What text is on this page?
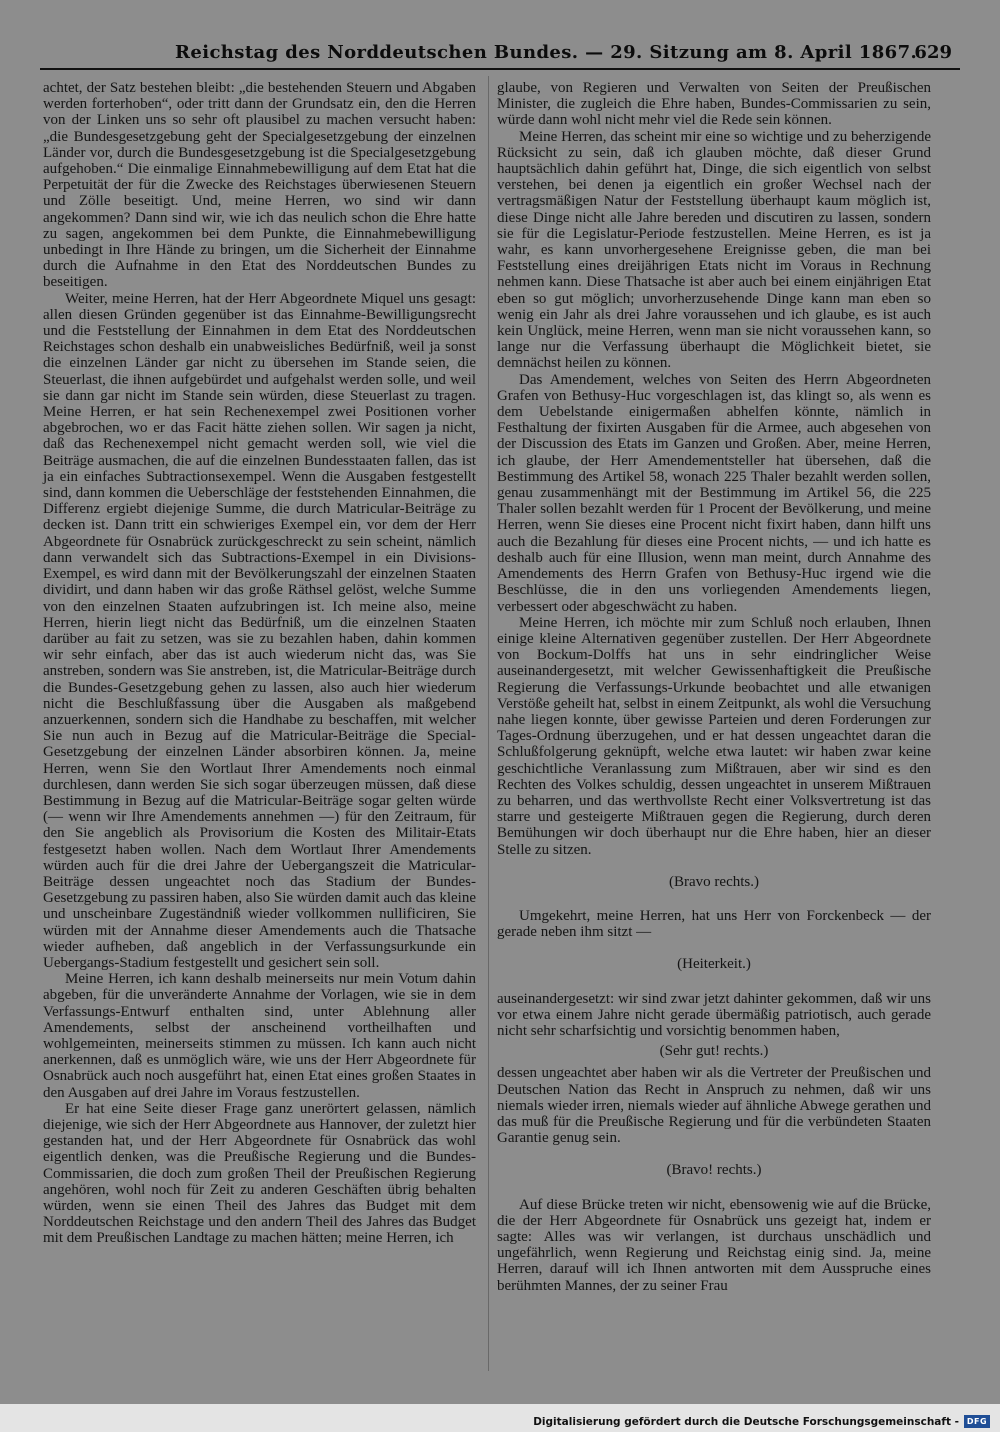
Reichstag des Norddeutschen Bundes. — 29. Sitzung am 8. April 1867.
629

achtet, der Satz bestehen bleibt: „die bestehenden Steuern und Abgaben werden forterhoben“, oder tritt dann der Grundsatz ein, den die Herren von der Linken uns so sehr oft plausibel zu machen versucht haben: „die Bundesgesetzgebung geht der Specialgesetzgebung der einzelnen Länder vor, durch die Bundesgesetzgebung ist die Specialgesetzgebung aufgehoben.“ Die einmalige Einnahmebewilligung auf dem Etat hat die Perpetuität der für die Zwecke des Reichstages überwiesenen Steuern und Zölle beseitigt. Und, meine Herren, wo sind wir dann angekommen? Dann sind wir, wie ich das neulich schon die Ehre hatte zu sagen, angekommen bei dem Punkte, die Einnahmebewilligung unbedingt in Ihre Hände zu bringen, um die Sicherheit der Einnahme durch die Aufnahme in den Etat des Norddeutschen Bundes zu beseitigen.

Weiter, meine Herren, hat der Herr Abgeordnete Miquel uns gesagt: allen diesen Gründen gegenüber ist das Einnahme-Bewilligungsrecht und die Feststellung der Einnahmen in dem Etat des Norddeutschen Reichstages schon deshalb ein unabweisliches Bedürfniß, weil ja sonst die einzelnen Länder gar nicht zu übersehen im Stande seien, die Steuerlast, die ihnen aufgebürdet und aufgehalst werden solle, und weil sie dann gar nicht im Stande sein würden, diese Steuerlast zu tragen. Meine Herren, er hat sein Rechenexempel zwei Positionen vorher abgebrochen, wo er das Facit hätte ziehen sollen. Wir sagen ja nicht, daß das Rechenexempel nicht gemacht werden soll, wie viel die Beiträge ausmachen, die auf die einzelnen Bundesstaaten fallen, das ist ja ein einfaches Subtractionsexempel. Wenn die Ausgaben festgestellt sind, dann kommen die Ueberschläge der feststehenden Einnahmen, die Differenz ergiebt diejenige Summe, die durch Matricular-Beiträge zu decken ist. Dann tritt ein schwieriges Exempel ein, vor dem der Herr Abgeordnete für Osnabrück zurückgeschreckt zu sein scheint, nämlich dann verwandelt sich das Subtractions-Exempel in ein Divisions-Exempel, es wird dann mit der Bevölkerungszahl der einzelnen Staaten dividirt, und dann haben wir das große Räthsel gelöst, welche Summe von den einzelnen Staaten aufzubringen ist. Ich meine also, meine Herren, hierin liegt nicht das Bedürfniß, um die einzelnen Staaten darüber au fait zu setzen, was sie zu bezahlen haben, dahin kommen wir sehr einfach, aber das ist auch wiederum nicht das, was Sie anstreben, sondern was Sie anstreben, ist, die Matricular-Beiträge durch die Bundes-Gesetzgebung gehen zu lassen, also auch hier wiederum nicht die Beschlußfassung über die Ausgaben als maßgebend anzuerkennen, sondern sich die Handhabe zu beschaffen, mit welcher Sie nun auch in Bezug auf die Matricular-Beiträge die Special-Gesetzgebung der einzelnen Länder absorbiren können. Ja, meine Herren, wenn Sie den Wortlaut Ihrer Amendements noch einmal durchlesen, dann werden Sie sich sogar überzeugen müssen, daß diese Bestimmung in Bezug auf die Matricular-Beiträge sogar gelten würde (— wenn wir Ihre Amendements annehmen —) für den Zeitraum, für den Sie angeblich als Provisorium die Kosten des Militair-Etats festgesetzt haben wollen. Nach dem Wortlaut Ihrer Amendements würden auch für die drei Jahre der Uebergangszeit die Matricular-Beiträge dessen ungeachtet noch das Stadium der Bundes-Gesetzgebung zu passiren haben, also Sie würden damit auch das kleine und unscheinbare Zugeständniß wieder vollkommen nullificiren, Sie würden mit der Annahme dieser Amendements auch die Thatsache wieder aufheben, daß angeblich in der Verfassungsurkunde ein Uebergangs-Stadium festgestellt und gesichert sein soll.

Meine Herren, ich kann deshalb meinerseits nur mein Votum dahin abgeben, für die unveränderte Annahme der Vorlagen, wie sie in dem Verfassungs-Entwurf enthalten sind, unter Ablehnung aller Amendements, selbst der anscheinend vortheilhaften und wohlgemeinten, meinerseits stimmen zu müssen. Ich kann auch nicht anerkennen, daß es unmöglich wäre, wie uns der Herr Abgeordnete für Osnabrück auch noch ausgeführt hat, einen Etat eines großen Staates in den Ausgaben auf drei Jahre im Voraus festzustellen.

Er hat eine Seite dieser Frage ganz unerörtert gelassen, nämlich diejenige, wie sich der Herr Abgeordnete aus Hannover, der zuletzt hier gestanden hat, und der Herr Abgeordnete für Osnabrück das wohl eigentlich denken, was die Preußische Regierung und die Bundes-Commissarien, die doch zum großen Theil der Preußischen Regierung angehören, wohl noch für Zeit zu anderen Geschäften übrig behalten würden, wenn sie einen Theil des Jahres das Budget mit dem Norddeutschen Reichstage und den andern Theil des Jahres das Budget mit dem Preußischen Landtage zu machen hätten; meine Herren, ich

glaube, von Regieren und Verwalten von Seiten der Preußischen Minister, die zugleich die Ehre haben, Bundes-Commissarien zu sein, würde dann wohl nicht mehr viel die Rede sein können.

Meine Herren, das scheint mir eine so wichtige und zu beherzigende Rücksicht zu sein, daß ich glauben möchte, daß dieser Grund hauptsächlich dahin geführt hat, Dinge, die sich eigentlich von selbst verstehen, bei denen ja eigentlich ein großer Wechsel nach der vertragsmäßigen Natur der Feststellung überhaupt kaum möglich ist, diese Dinge nicht alle Jahre bereden und discutiren zu lassen, sondern sie für die Legislatur-Periode festzustellen. Meine Herren, es ist ja wahr, es kann unvorhergesehene Ereignisse geben, die man bei Feststellung eines dreijährigen Etats nicht im Voraus in Rechnung nehmen kann. Diese Thatsache ist aber auch bei einem einjährigen Etat eben so gut möglich; unvorherzusehende Dinge kann man eben so wenig ein Jahr als drei Jahre voraussehen und ich glaube, es ist auch kein Unglück, meine Herren, wenn man sie nicht voraussehen kann, so lange nur die Verfassung überhaupt die Möglichkeit bietet, sie demnächst heilen zu können.

Das Amendement, welches von Seiten des Herrn Abgeordneten Grafen von Bethusy-Huc vorgeschlagen ist, das klingt so, als wenn es dem Uebelstande einigermaßen abhelfen könnte, nämlich in Festhaltung der fixirten Ausgaben für die Armee, auch abgesehen von der Discussion des Etats im Ganzen und Großen. Aber, meine Herren, ich glaube, der Herr Amendementsteller hat übersehen, daß die Bestimmung des Artikel 58, wonach 225 Thaler bezahlt werden sollen, genau zusammenhängt mit der Bestimmung im Artikel 56, die 225 Thaler sollen bezahlt werden für 1 Procent der Bevölkerung, und meine Herren, wenn Sie dieses eine Procent nicht fixirt haben, dann hilft uns auch die Bezahlung für dieses eine Procent nichts, — und ich hatte es deshalb auch für eine Illusion, wenn man meint, durch Annahme des Amendements des Herrn Grafen von Bethusy-Huc irgend wie die Beschlüsse, die in den uns vorliegenden Amendements liegen, verbessert oder abgeschwächt zu haben.

Meine Herren, ich möchte mir zum Schluß noch erlauben, Ihnen einige kleine Alternativen gegenüber zustellen. Der Herr Abgeordnete von Bockum-Dolffs hat uns in sehr eindringlicher Weise auseinandergesetzt, mit welcher Gewissenhaftigkeit die Preußische Regierung die Verfassungs-Urkunde beobachtet und alle etwanigen Verstöße geheilt hat, selbst in einem Zeitpunkt, als wohl die Versuchung nahe liegen konnte, über gewisse Parteien und deren Forderungen zur Tages-Ordnung überzugehen, und er hat dessen ungeachtet daran die Schlußfolgerung geknüpft, welche etwa lautet: wir haben zwar keine geschichtliche Veranlassung zum Mißtrauen, aber wir sind es den Rechten des Volkes schuldig, dessen ungeachtet in unserem Mißtrauen zu beharren, und das werthvollste Recht einer Volksvertretung ist das starre und gesteigerte Mißtrauen gegen die Regierung, durch deren Bemühungen wir doch überhaupt nur die Ehre haben, hier an dieser Stelle zu sitzen.

(Bravo rechts.)

Umgekehrt, meine Herren, hat uns Herr von Forckenbeck — der gerade neben ihm sitzt —

(Heiterkeit.)

auseinandergesetzt: wir sind zwar jetzt dahinter gekommen, daß wir uns vor etwa einem Jahre nicht gerade übermäßig patriotisch, auch gerade nicht sehr scharfsichtig und vorsichtig benommen haben,

(Sehr gut! rechts.)

dessen ungeachtet aber haben wir als die Vertreter der Preußischen und Deutschen Nation das Recht in Anspruch zu nehmen, daß wir uns niemals wieder irren, niemals wieder auf ähnliche Abwege gerathen und das muß für die Preußische Regierung und für die verbündeten Staaten Garantie genug sein.

(Bravo! rechts.)

Auf diese Brücke treten wir nicht, ebensowenig wie auf die Brücke, die der Herr Abgeordnete für Osnabrück uns gezeigt hat, indem er sagte: Alles was wir verlangen, ist durchaus unschädlich und ungefährlich, wenn Regierung und Reichstag einig sind. Ja, meine Herren, darauf will ich Ihnen antworten mit dem Ausspruche eines berühmten Mannes, der zu seiner Frau

Digitalisierung gefördert durch die Deutsche Forschungsgemeinschaft - DFG
